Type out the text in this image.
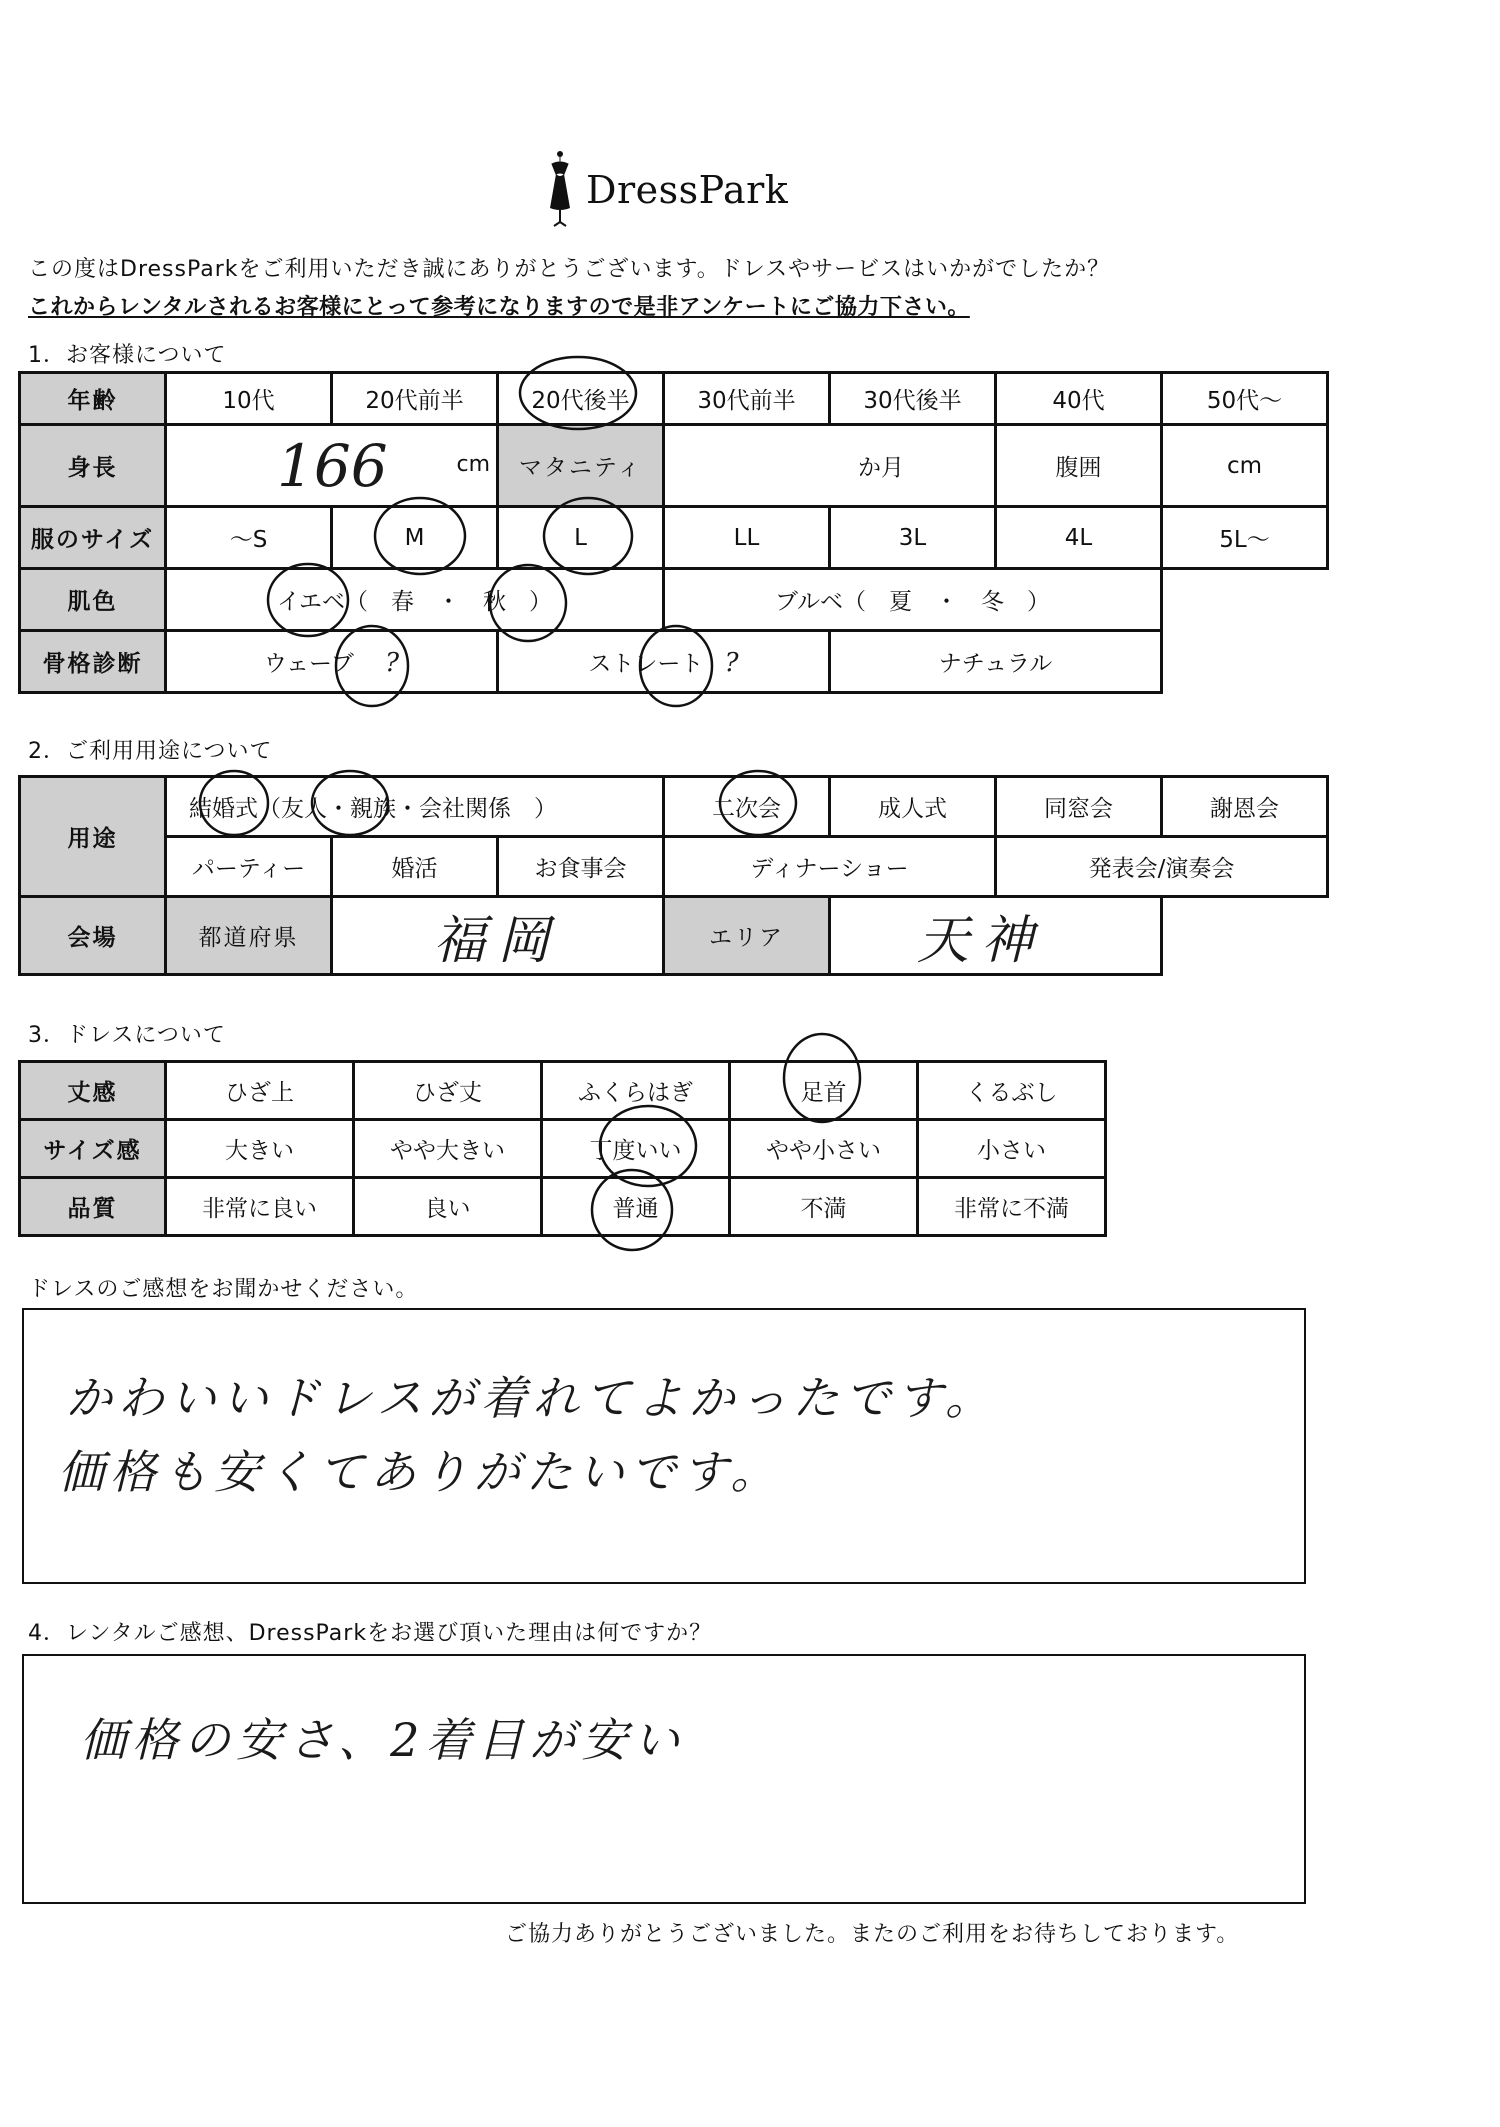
DressPark
この度はDressParkをご利用いただき誠にありがとうございます。ドレスやサービスはいかがでしたか？
これからレンタルされるお客様にとって参考になりますので是非アンケートにご協力下さい。
1．お客様について
年齢	10代	20代前半	20代後半	30代前半	30代後半	40代	50代～
身長	166 cm		マタニティ	か月		腹囲	cm
服のサイズ	～S	M	L	LL	3L	4L	5L～
肌色	イエベ（　春　・　秋　）			ブルベ（　夏　・　冬　）			
骨格診断	ウェーブ ?		ストレート ?		ナチュラル		
2．ご利用用途について
用途	結婚式（友人・親族・会社関係　）			二次会	成人式	同窓会	謝恩会
	パーティー	婚活	お食事会	ディナーショー		発表会/演奏会	
会場	都道府県	福岡		エリア	天神		
3．ドレスについて
丈感	ひざ上	ひざ丈	ふくらはぎ	足首	くるぶし
サイズ感	大きい	やや大きい	丁度いい	やや小さい	小さい
品質	非常に良い	良い	普通	不満	非常に不満
ドレスのご感想をお聞かせください。
かわいいドレスが着れてよかったです。
価格も安くてありがたいです。
4．レンタルご感想、DressParkをお選び頂いた理由は何ですか？
価格の安さ、2着目が安い
ご協力ありがとうございました。またのご利用をお待ちしております。
